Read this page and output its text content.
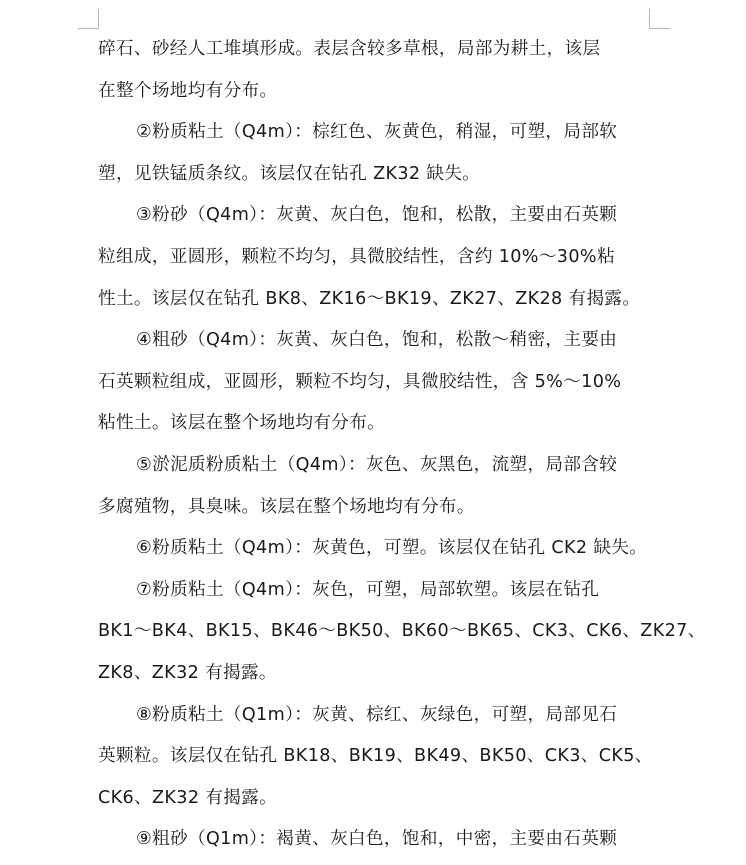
碎石、砂经人工堆填形成。表层含较多草根，局部为耕土，该层
在整个场地均有分布。
②粉质粘土（Q4m）：棕红色、灰黄色，稍湿，可塑，局部软
塑，见铁锰质条纹。该层仅在钻孔 ZK32 缺失。
③粉砂（Q4m）：灰黄、灰白色，饱和，松散，主要由石英颗
粒组成，亚圆形，颗粒不均匀，具微胶结性，含约 10%～30%粘
性土。该层仅在钻孔 BK8、ZK16～BK19、ZK27、ZK28 有揭露。
④粗砂（Q4m）：灰黄、灰白色，饱和，松散～稍密，主要由
石英颗粒组成，亚圆形，颗粒不均匀，具微胶结性，含 5%～10%
粘性土。该层在整个场地均有分布。
⑤淤泥质粉质粘土（Q4m）：灰色、灰黑色，流塑，局部含较
多腐殖物，具臭味。该层在整个场地均有分布。
⑥粉质粘土（Q4m）：灰黄色，可塑。该层仅在钻孔 CK2 缺失。
⑦粉质粘土（Q4m）：灰色，可塑，局部软塑。该层在钻孔
BK1～BK4、BK15、BK46～BK50、BK60～BK65、CK3、CK6、ZK27、
ZK8、ZK32 有揭露。
⑧粉质粘土（Q1m）：灰黄、棕红、灰绿色，可塑，局部见石
英颗粒。该层仅在钻孔 BK18、BK19、BK49、BK50、CK3、CK5、
CK6、ZK32 有揭露。
⑨粗砂（Q1m）：褐黄、灰白色，饱和，中密，主要由石英颗
